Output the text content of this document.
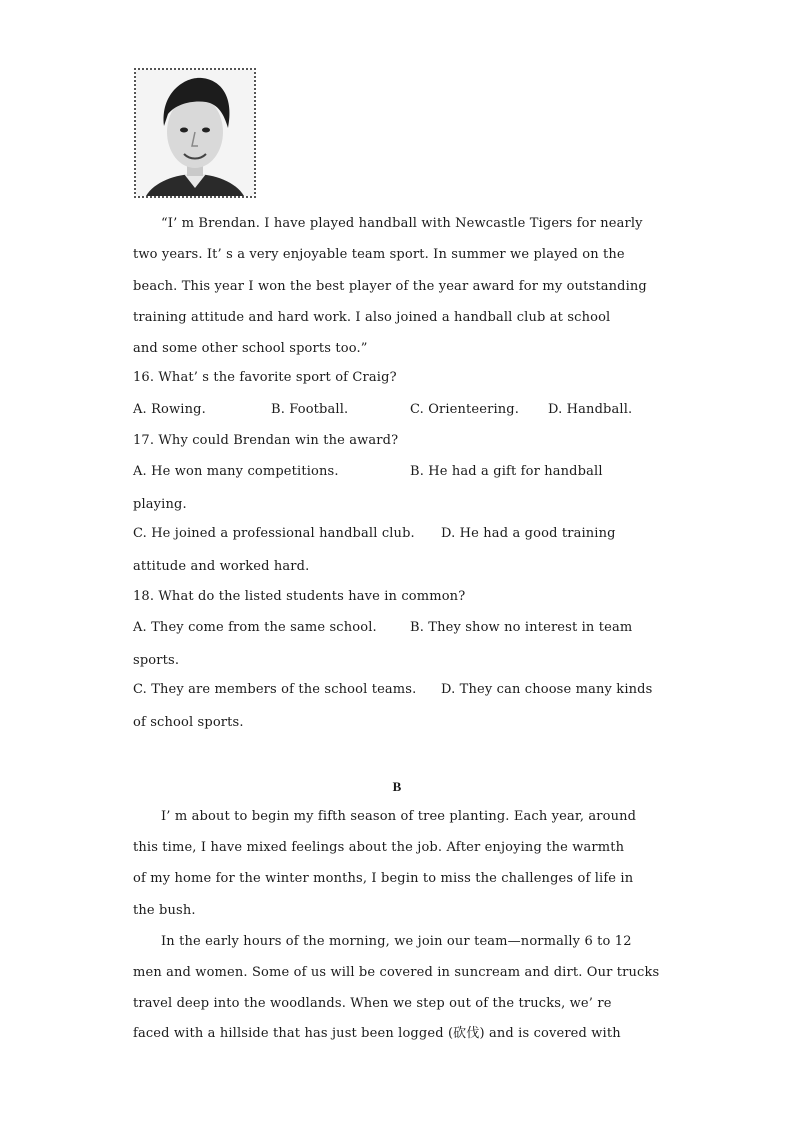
“I’ m Brendan. I have played handball with Newcastle Tigers for nearly
two years. It’ s a very enjoyable team sport. In summer we played on the
beach. This year I won the best player of the year award for my outstanding
training attitude and hard work. I also joined a handball club at school
and some other school sports too.”
16. What’ s the favorite sport of Craig?
A. Rowing.	B. Football.	C. Orienteering. D. Handball.
17. Why could Brendan win the award?
A. He won many competitions.	B. He had a gift for handball
playing.
C. He joined a professional handball club. D. He had a good training
attitude and worked hard.
18. What do the listed students have in common?
A. They come from the same school.	B. They show no interest in team
sports.
C. They are members of the school teams. D. They can choose many kinds
of school sports.
B
I’ m about to begin my fifth season of tree planting. Each year, around
this time, I have mixed feelings about the job. After enjoying the warmth
of my home for the winter months, I begin to miss the challenges of life in
the bush.
In the early hours of the morning, we join our team—normally 6 to 12
men and women. Some of us will be covered in suncream and dirt. Our trucks
travel deep into the woodlands. When we step out of the trucks, we’ re
faced with a hillside that has just been logged (砍伐) and is covered with
